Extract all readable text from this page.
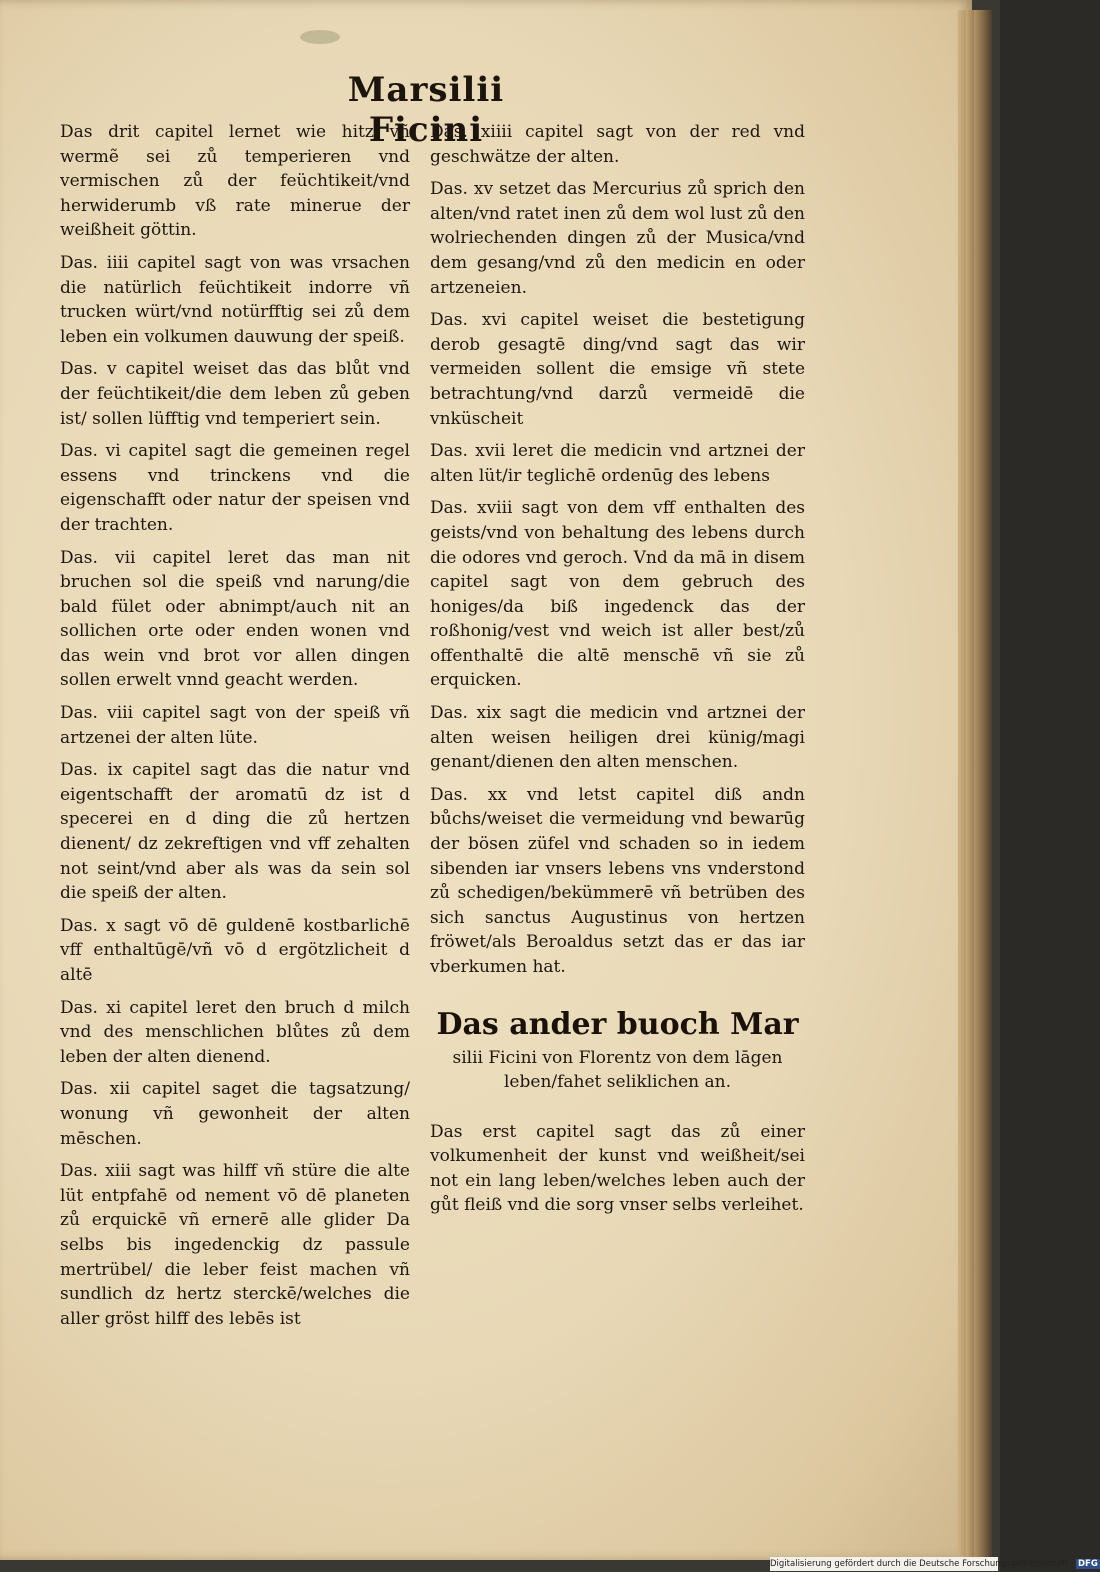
Marsilii Ficini

Das drit capitel lernet wie hitz vñ wermẽ sei zů temperieren vnd vermischen zů der feüchtikeit/vnd herwiderumb vß rate minerue der weißheit göttin.

Das. iiii capitel sagt von was vrsachen die natürlich feüchtikeit indorre vñ trucken würt/vnd notürfftig sei zů dem leben ein volkumen dauwung der speiß.

Das. v capitel weiset das das blůt vnd der feüchtikeit/die dem leben zů geben ist/ sollen lüfftig vnd temperiert sein.

Das. vi capitel sagt die gemeinen regel essens vnd trinckens vnd die eigenschafft oder natur der speisen vnd der trachten.

Das. vii capitel leret das man nit bruchen sol die speiß vnd narung/die bald fület oder abnimpt/auch nit an sollichen orte oder enden wonen vnd das wein vnd brot vor allen dingen sollen erwelt vnnd geacht werden.

Das. viii capitel sagt von der speiß vñ artzenei der alten lüte.

Das. ix capitel sagt das die natur vnd eigentschafft der aromatū dz ist d specerei en d ding die zů hertzen dienent/ dz zekreftigen vnd vff zehalten not seint/vnd aber als was da sein sol die speiß der alten.

Das. x sagt vō dē guldenē kostbarlichē vff enthaltūgē/vñ vō d ergötzlicheit d altē

Das. xi capitel leret den bruch d milch vnd des menschlichen blůtes zů dem leben der alten dienend.

Das. xii capitel saget die tagsatzung/ wonung vñ gewonheit der alten mēschen.

Das. xiii sagt was hilff vñ stüre die alte lüt entpfahē od nement vō dē planeten zů erquickē vñ ernerē alle glider Da selbs bis ingedenckig dz passule mertrübel/ die leber feist machen vñ sundlich dz hertz sterckē/welches die aller gröst hilff des lebēs ist

Das. xiiii capitel sagt von der red vnd geschwätze der alten.

Das. xv setzet das Mercurius zů sprich den alten/vnd ratet inen zů dem wol lust zů den wolriechenden dingen zů der Musica/vnd dem gesang/vnd zů den medicin en oder artzeneien.

Das. xvi capitel weiset die bestetigung derob gesagtē ding/vnd sagt das wir vermeiden sollent die emsige vñ stete betrachtung/vnd darzů vermeidē die vnküscheit

Das. xvii leret die medicin vnd artznei der alten lüt/ir teglichē ordenūg des lebens

Das. xviii sagt von dem vff enthalten des geists/vnd von behaltung des lebens durch die odores vnd geroch. Vnd da mā in disem capitel sagt von dem gebruch des honiges/da biß ingedenck das der roßhonig/vest vnd weich ist aller best/zů offenthaltē die altē menschē vñ sie zů erquicken.

Das. xix sagt die medicin vnd artznei der alten weisen heiligen drei künig/magi genant/dienen den alten menschen.

Das. xx vnd letst capitel diß andn bůchs/weiset die vermeidung vnd bewarūg der bösen züfel vnd schaden so in iedem sibenden iar vnsers lebens vns vnderstond zů schedigen/bekümmerē vñ betrüben des sich sanctus Augustinus von hertzen fröwet/als Beroaldus setzt das er das iar vberkumen hat.

Das ander buoch Mar
silii Ficini von Florentz von dem lāgen leben/fahet seliklichen an.

Das erst capitel sagt das zů einer volkumenheit der kunst vnd weißheit/sei not ein lang leben/welches leben auch der gůt fleiß vnd die sorg vnser selbs verleihet.

Digitalisierung gefördert durch die Deutsche Forschungsgemeinschaft - DFG
